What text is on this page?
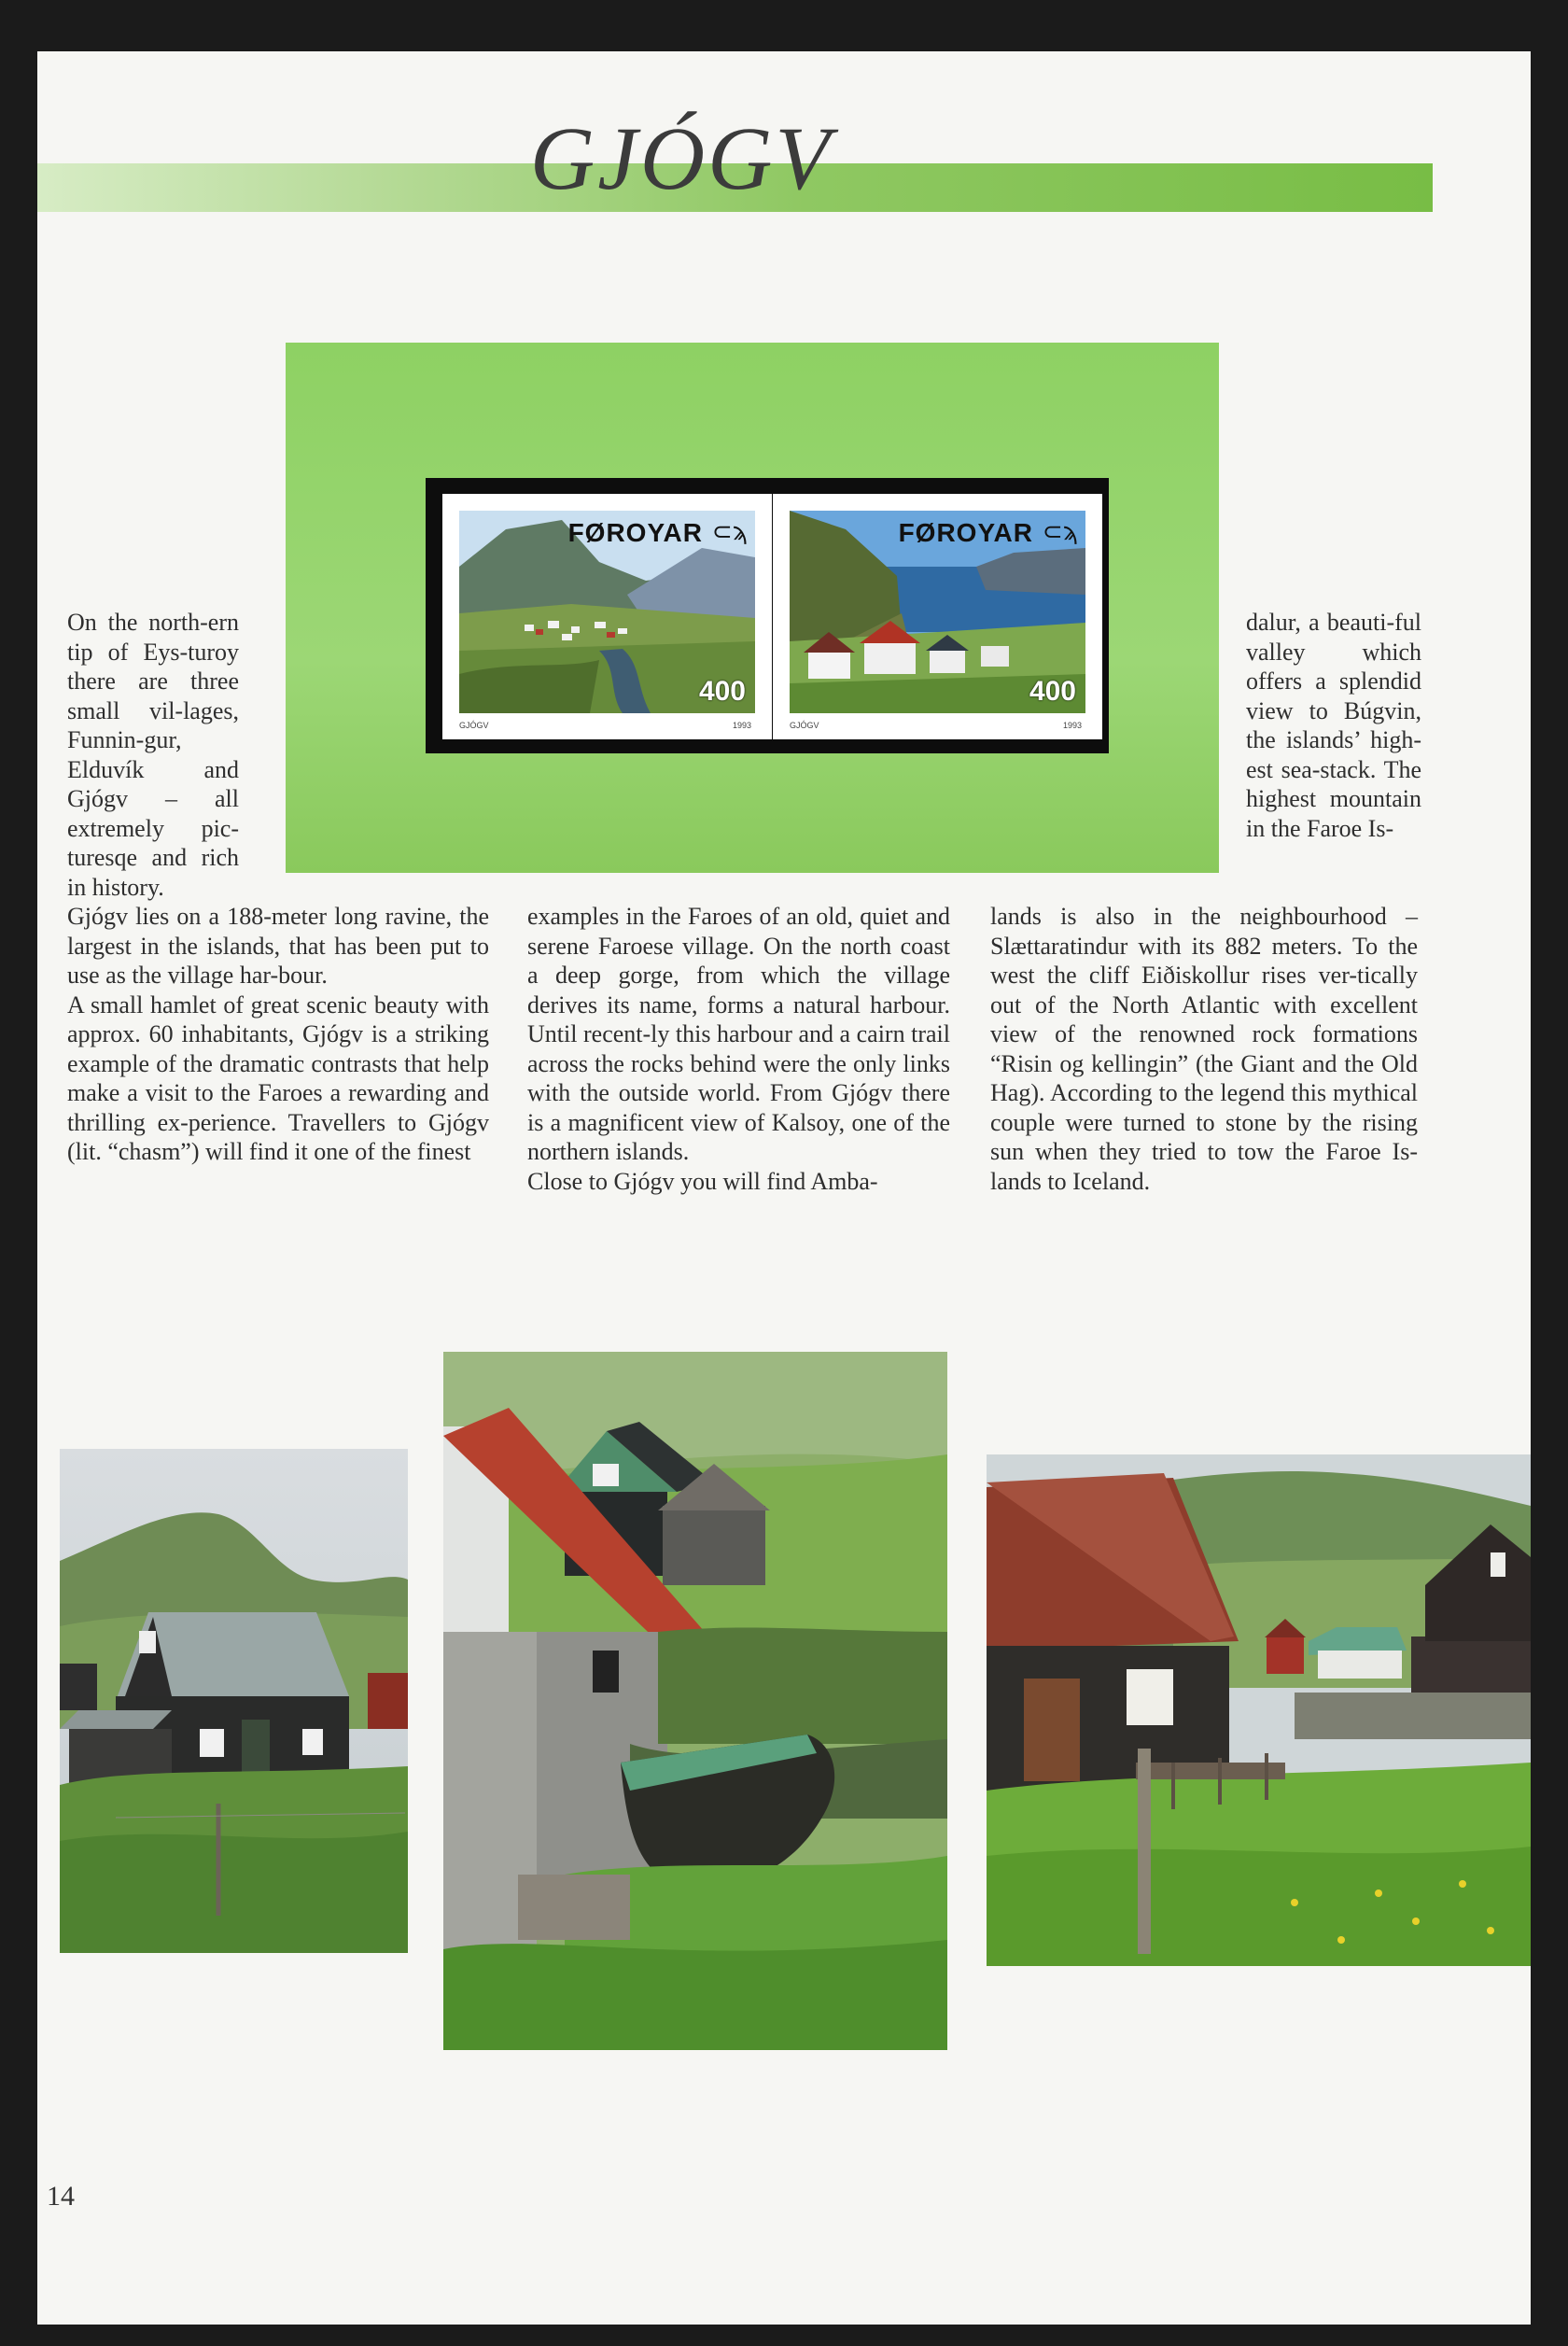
GJÓGV
FØROYAR ⊂ϡ
400
GJÓGV	1993
FØROYAR ⊂ϡ
400
GJÓGV	1993

On the north-ern tip of Eys-turoy there are three small vil-lages, Funnin-gur, Elduvík and Gjógv – all extremely pic-turesqe and rich in history.

Gjógv lies on a 188-meter long ravine, the largest in the islands, that has been put to use as the village har-bour.

A small hamlet of great scenic beauty with approx. 60 inhabitants, Gjógv is a striking example of the dramatic contrasts that help make a visit to the Faroes a rewarding and thrilling ex-perience. Travellers to Gjógv (lit. “chasm”) will find it one of the finest

examples in the Faroes of an old, quiet and serene Faroese village. On the north coast a deep gorge, from which the village derives its name, forms a natural harbour. Until recent-ly this harbour and a cairn trail across the rocks behind were the only links with the outside world. From Gjógv there is a magnificent view of Kalsoy, one of the northern islands.

Close to Gjógv you will find Amba-

dalur, a beauti-ful valley which offers a splendid view to Búgvin, the islands’ high-est sea-stack. The highest mountain in the Faroe Is-

lands is also in the neighbourhood – Slættaratindur with its 882 meters. To the west the cliff Eiðiskollur rises ver-tically out of the North Atlantic with excellent view of the renowned rock formations “Risin og kellingin” (the Giant and the Old Hag). According to the legend this mythical couple were turned to stone by the rising sun when they tried to tow the Faroe Is-lands to Iceland.

14
